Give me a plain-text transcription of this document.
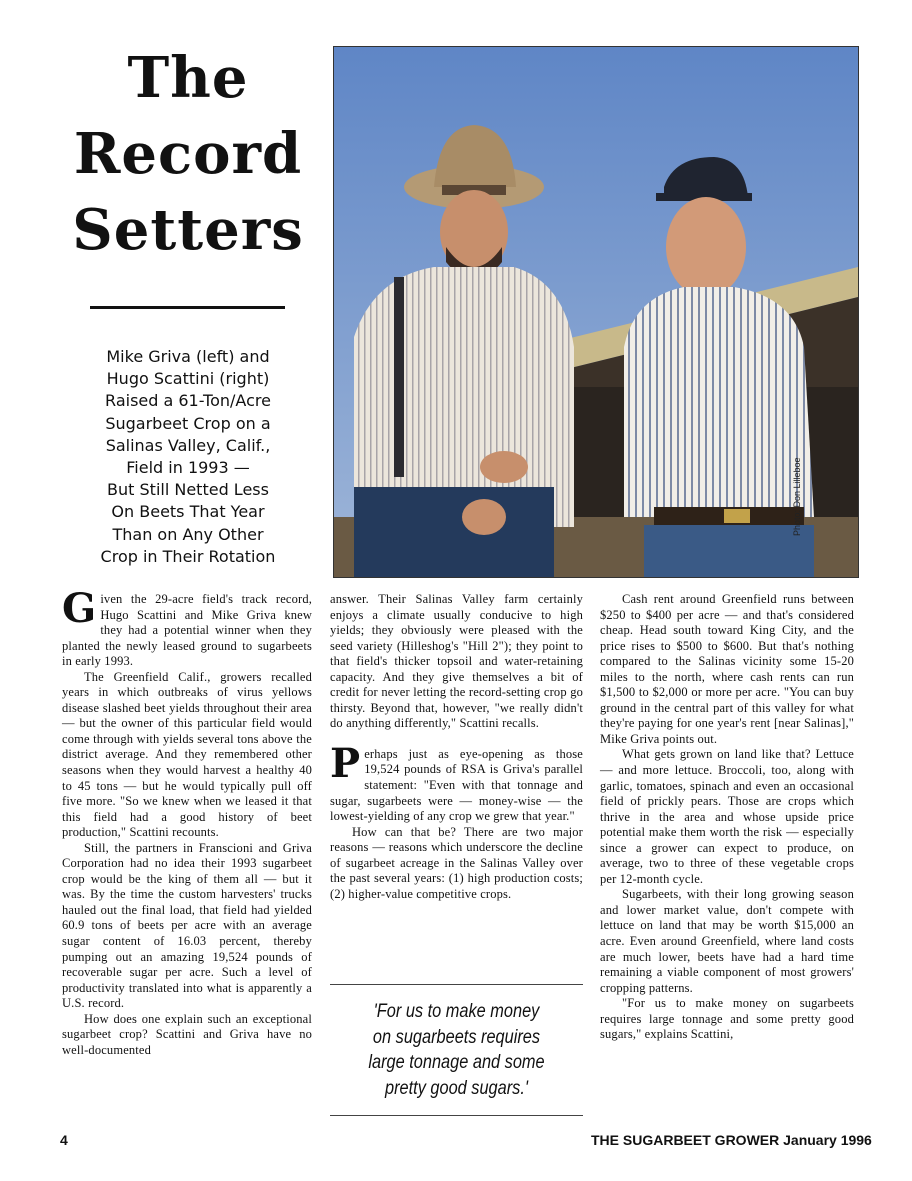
The
Record
Setters

Mike Griva (left) and
Hugo Scattini (right)
Raised a 61-Ton/Acre
Sugarbeet Crop on a
Salinas Valley, Calif.,
Field in 1993 —
But Still Netted Less
On Beets That Year
Than on Any Other
Crop in Their Rotation

Photo: Don Lilleboe

Given the 29-acre field's track record, Hugo Scattini and Mike Griva knew they had a potential winner when they planted the newly leased ground to sugarbeets in early 1993.

The Greenfield Calif., growers recalled years in which outbreaks of virus yellows disease slashed beet yields throughout their area — but the owner of this particular field would come through with yields several tons above the district average. And they remembered other seasons when they would harvest a healthy 40 to 45 tons — but he would typically pull off five more. "So we knew when we leased it that this field had a good history of beet production," Scattini recounts.

Still, the partners in Franscioni and Griva Corporation had no idea their 1993 sugarbeet crop would be the king of them all — but it was. By the time the custom harvesters' trucks hauled out the final load, that field had yielded 60.9 tons of beets per acre with an average sugar content of 16.03 percent, thereby pumping out an amazing 19,524 pounds of recoverable sugar per acre. Such a level of productivity translated into what is apparently a U.S. record.

How does one explain such an exceptional sugarbeet crop? Scattini and Griva have no well-documented

answer. Their Salinas Valley farm certainly enjoys a climate usually conducive to high yields; they obviously were pleased with the seed variety (Hilleshog's "Hill 2"); they point to that field's thicker topsoil and water-retaining capacity. And they give themselves a bit of credit for never letting the record-setting crop go thirsty. Beyond that, however, "we really didn't do anything differently," Scattini recalls.

Perhaps just as eye-opening as those 19,524 pounds of RSA is Griva's parallel statement: "Even with that tonnage and sugar, sugarbeets were — money-wise — the lowest-yielding of any crop we grew that year."

How can that be? There are two major reasons — reasons which underscore the decline of sugarbeet acreage in the Salinas Valley over the past several years: (1) high production costs; (2) higher-value competitive crops.

'For us to make money
on sugarbeets requires
large tonnage and some
pretty good sugars.'

Cash rent around Greenfield runs between $250 to $400 per acre — and that's considered cheap. Head south toward King City, and the price rises to $500 to $600. But that's nothing compared to the Salinas vicinity some 15-20 miles to the north, where cash rents can run $1,500 to $2,000 or more per acre. "You can buy ground in the central part of this valley for what they're paying for one year's rent [near Salinas]," Mike Griva points out.

What gets grown on land like that? Lettuce — and more lettuce. Broccoli, too, along with garlic, tomatoes, spinach and even an occasional field of prickly pears. Those are crops which thrive in the area and whose upside price potential make them worth the risk — especially since a grower can expect to produce, on average, two to three of these vegetable crops per 12-month cycle.

Sugarbeets, with their long growing season and lower market value, don't compete with lettuce on land that may be worth $15,000 an acre. Even around Greenfield, where land costs are much lower, beets have had a hard time remaining a viable component of most growers' cropping patterns.

"For us to make money on sugarbeets requires large tonnage and some pretty good sugars," explains Scattini,

4	THE SUGARBEET GROWER January 1996
